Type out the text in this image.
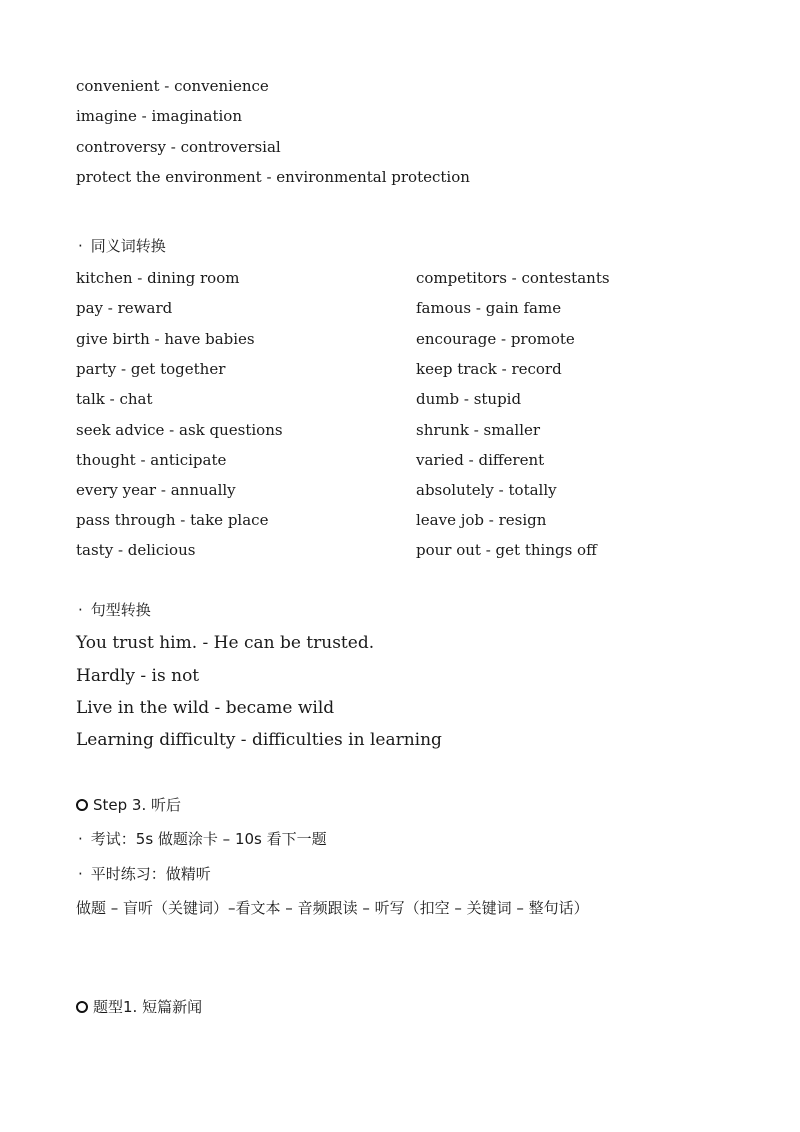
convenient - convenience
imagine - imagination
controversy - controversial
protect the environment - environmental protection
· 同义词转换
kitchen - dining room
pay - reward
give birth - have babies
party - get together
talk - chat
seek advice - ask questions
thought - anticipate
every year - annually
pass through - take place
tasty - delicious
competitors - contestants
famous - gain fame
encourage - promote
keep track - record
dumb - stupid
shrunk - smaller
varied - different
absolutely - totally
leave job - resign
pour out - get things off
· 句型转换
You trust him. - He can be trusted.
Hardly - is not
Live in the wild - became wild
Learning difficulty - difficulties in learning
Step 3. 听后
· 考试：5s 做题涂卡 – 10s 看下一题
· 平时练习：做精听
做题 – 盲听（关键词）–看文本 – 音频跟读 – 听写（扣空 – 关键词 – 整句话）
题型1. 短篇新闻
